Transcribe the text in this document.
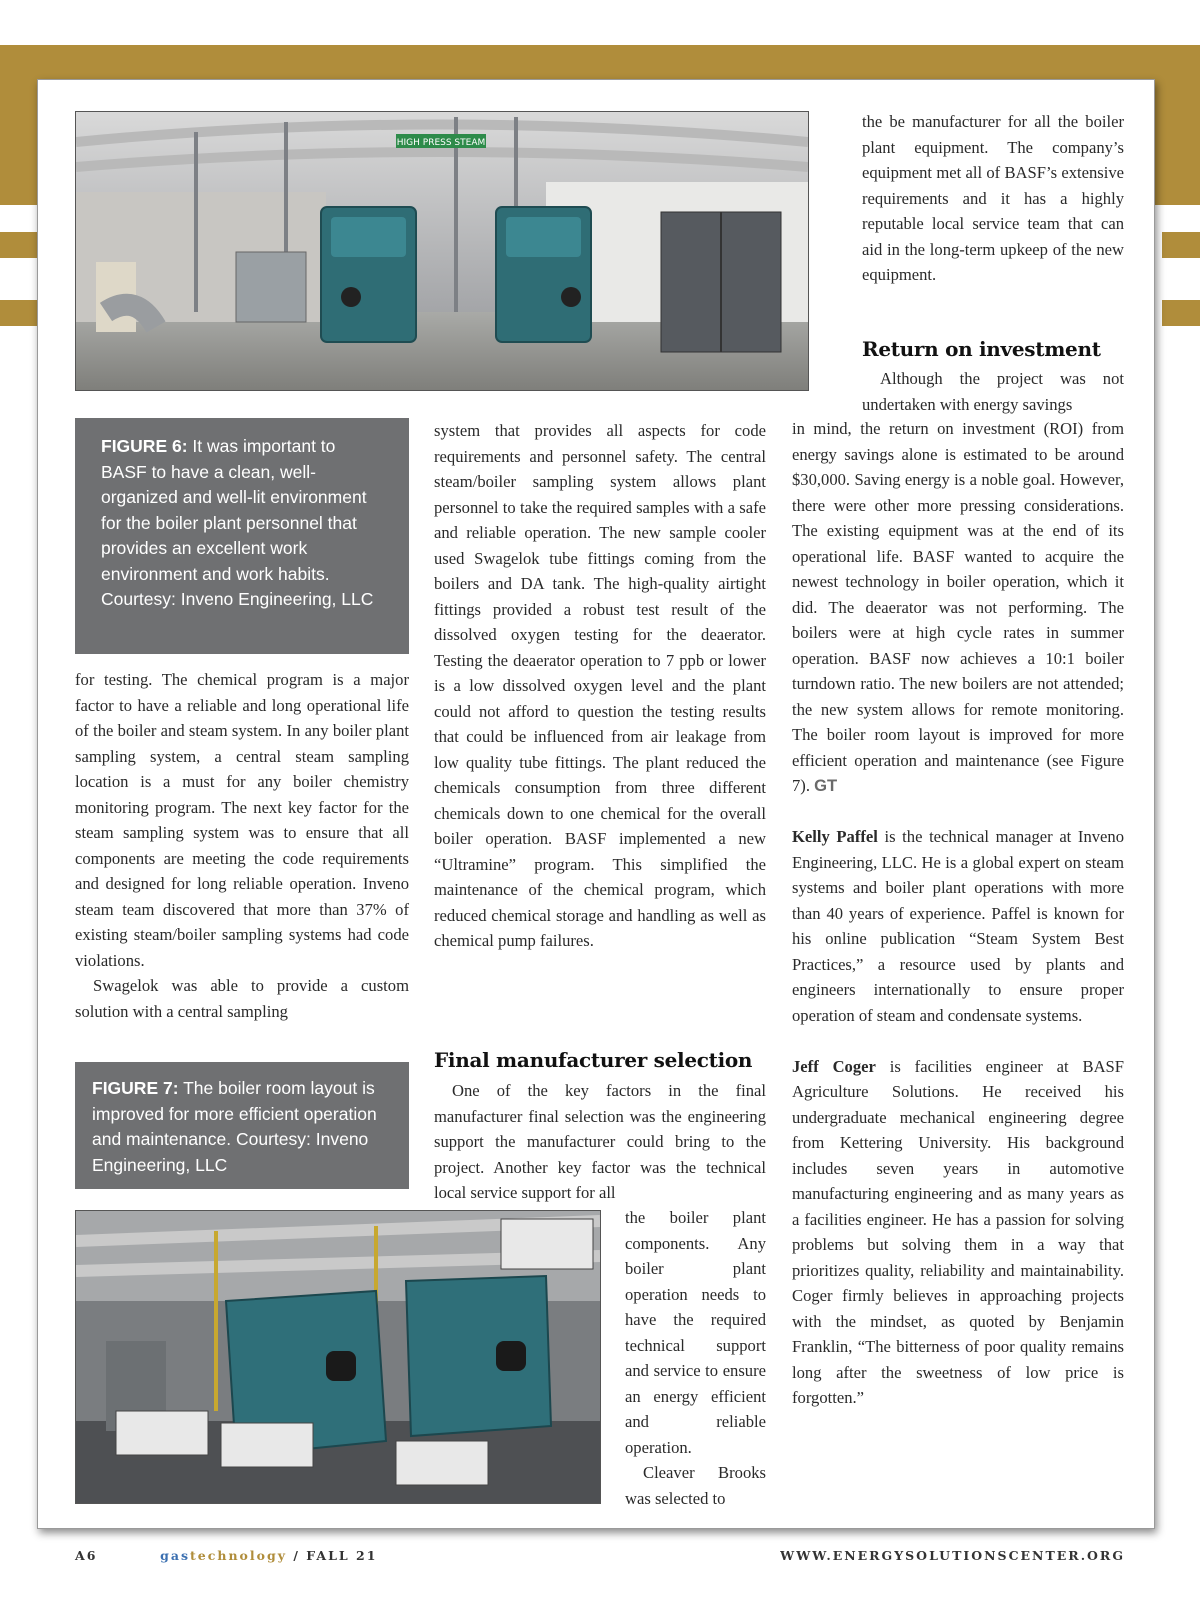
HIGH PRESS STEAM
FIGURE 6: It was important to BASF to have a clean, well-organized and well-lit environment for the boiler plant personnel that provides an excellent work environment and work habits. Courtesy: Inveno Engineering, LLC

for testing. The chemical program is a major factor to have a reliable and long operational life of the boiler and steam system. In any boiler plant sampling system, a central steam sampling location is a must for any boiler chemistry monitoring program. The next key factor for the steam sampling system was to ensure that all components are meeting the code requirements and designed for long reliable operation. Inveno steam team discovered that more than 37% of existing steam/boiler sampling systems had code violations.

Swagelok was able to provide a custom solution with a central sampling

FIGURE 7: The boiler room layout is improved for more efficient operation and maintenance. Courtesy: Inveno Engineering, LLC

system that provides all aspects for code requirements and personnel safety. The central steam/boiler sampling system allows plant personnel to take the required samples with a safe and reliable operation. The new sample cooler used Swagelok tube fittings coming from the boilers and DA tank. The high-quality airtight fittings provided a robust test result of the dissolved oxygen testing for the deaerator. Testing the deaerator operation to 7 ppb or lower is a low dissolved oxygen level and the plant could not afford to question the testing results that could be influenced from air leakage from low quality tube fittings. The plant reduced the chemicals consumption from three different chemicals down to one chemical for the overall boiler operation. BASF implemented a new “Ultramine” program. This simplified the maintenance of the chemical program, which reduced chemical storage and handling as well as chemical pump failures.

Final manufacturer selection

One of the key factors in the final manufacturer final selection was the engineering support the manufacturer could bring to the project. Another key factor was the technical local service support for all

the boiler plant components. Any boiler plant operation needs to have the required technical support and service to ensure an energy efficient and reliable operation.

Cleaver Brooks was selected to

the be manufacturer for all the boiler plant equipment. The company’s equipment met all of BASF’s extensive requirements and it has a highly reputable local service team that can aid in the long-term upkeep of the new equipment.

Return on investment

Although the project was not undertaken with energy savings

in mind, the return on investment (ROI) from energy savings alone is estimated to be around $30,000. Saving energy is a noble goal. However, there were other more pressing considerations. The existing equipment was at the end of its operational life. BASF wanted to acquire the newest technology in boiler operation, which it did. The deaerator was not performing. The boilers were at high cycle rates in summer operation. BASF now achieves a 10:1 boiler turndown ratio. The new boilers are not attended; the new system allows for remote monitoring. The boiler room layout is improved for more efficient operation and maintenance (see Figure 7). GT

Kelly Paffel is the technical manager at Inveno Engineering, LLC. He is a global expert on steam systems and boiler plant operations with more than 40 years of experience. Paffel is known for his online publication “Steam System Best Practices,” a resource used by plants and engineers internationally to ensure proper operation of steam and condensate systems.

Jeff Coger is facilities engineer at BASF Agriculture Solutions. He received his undergraduate mechanical engineering degree from Kettering University. His background includes seven years in automotive manufacturing engineering and as many years as a facilities engineer. He has a passion for solving problems but solving them in a way that prioritizes quality, reliability and maintainability. Coger firmly believes in approaching projects with the mindset, as quoted by Benjamin Franklin, “The bitterness of poor quality remains long after the sweetness of low price is forgotten.”

A6	gastechnology / FALL 21	WWW.ENERGYSOLUTIONSCENTER.ORG
